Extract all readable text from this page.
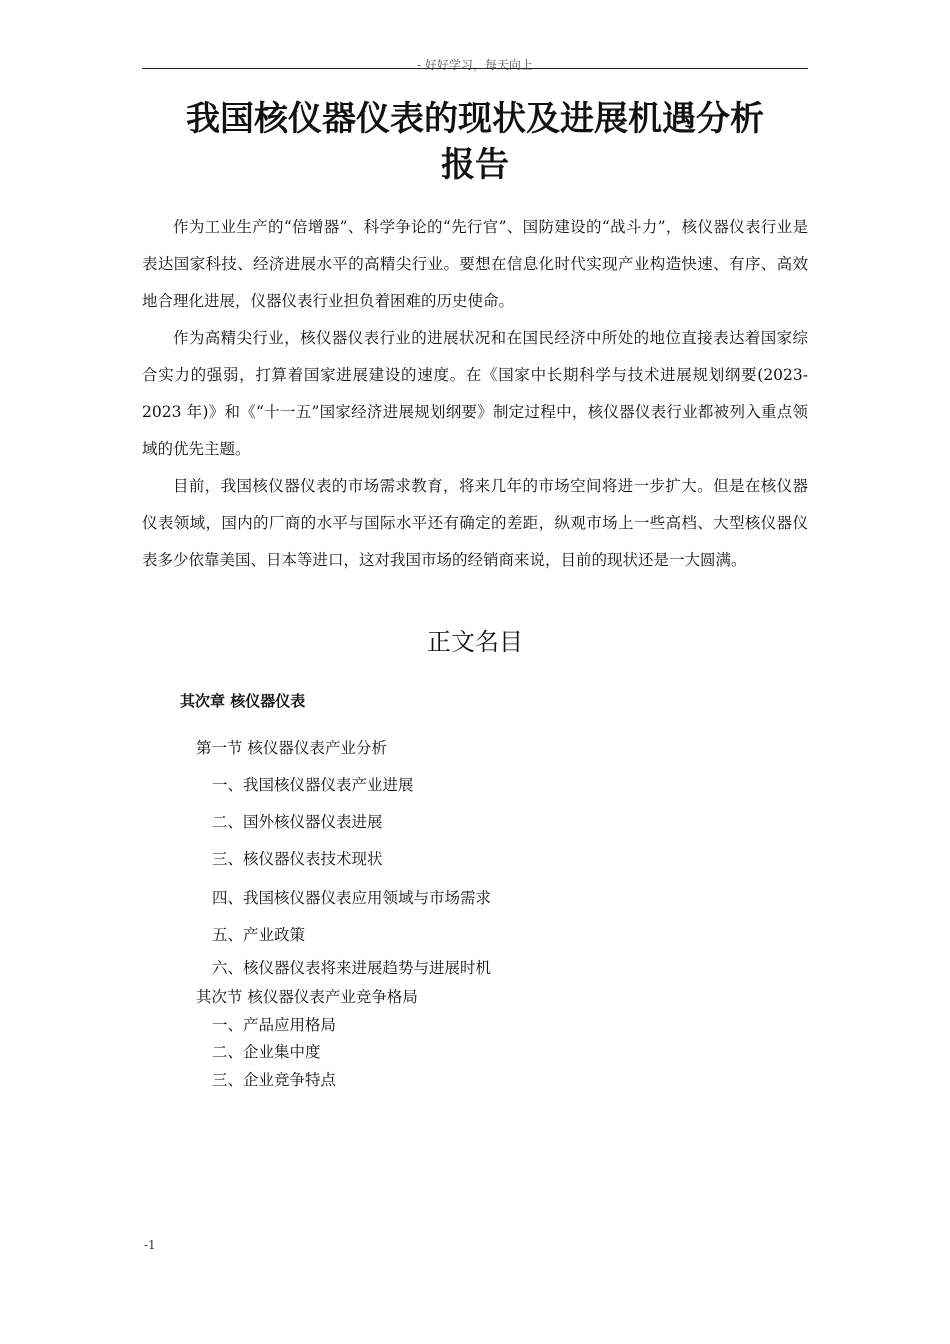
- 好好学习，每天向上
我国核仪器仪表的现状及进展机遇分析
报告
作为工业生产的“倍增器”、科学争论的“先行官”、国防建设的“战斗力”，核仪器仪表行业是表达国家科技、经济进展水平的高精尖行业。要想在信息化时代实现产业构造快速、有序、高效地合理化进展，仪器仪表行业担负着困难的历史使命。
作为高精尖行业，核仪器仪表行业的进展状况和在国民经济中所处的地位直接表达着国家综合实力的强弱，打算着国家进展建设的速度。在《国家中长期科学与技术进展规划纲要(2023-2023 年)》和《“十一五”国家经济进展规划纲要》制定过程中，核仪器仪表行业都被列入重点领域的优先主题。
目前，我国核仪器仪表的市场需求教育，将来几年的市场空间将进一步扩大。但是在核仪器仪表领域，国内的厂商的水平与国际水平还有确定的差距，纵观市场上一些高档、大型核仪器仪表多少依靠美国、日本等进口，这对我国市场的经销商来说，目前的现状还是一大圆满。
正文名目
其次章 核仪器仪表
第一节 核仪器仪表产业分析
一、我国核仪器仪表产业进展
二、国外核仪器仪表进展
三、核仪器仪表技术现状
四、我国核仪器仪表应用领域与市场需求
五、产业政策
六、核仪器仪表将来进展趋势与进展时机
其次节 核仪器仪表产业竞争格局
一、产品应用格局
二、企业集中度
三、企业竞争特点
-1
